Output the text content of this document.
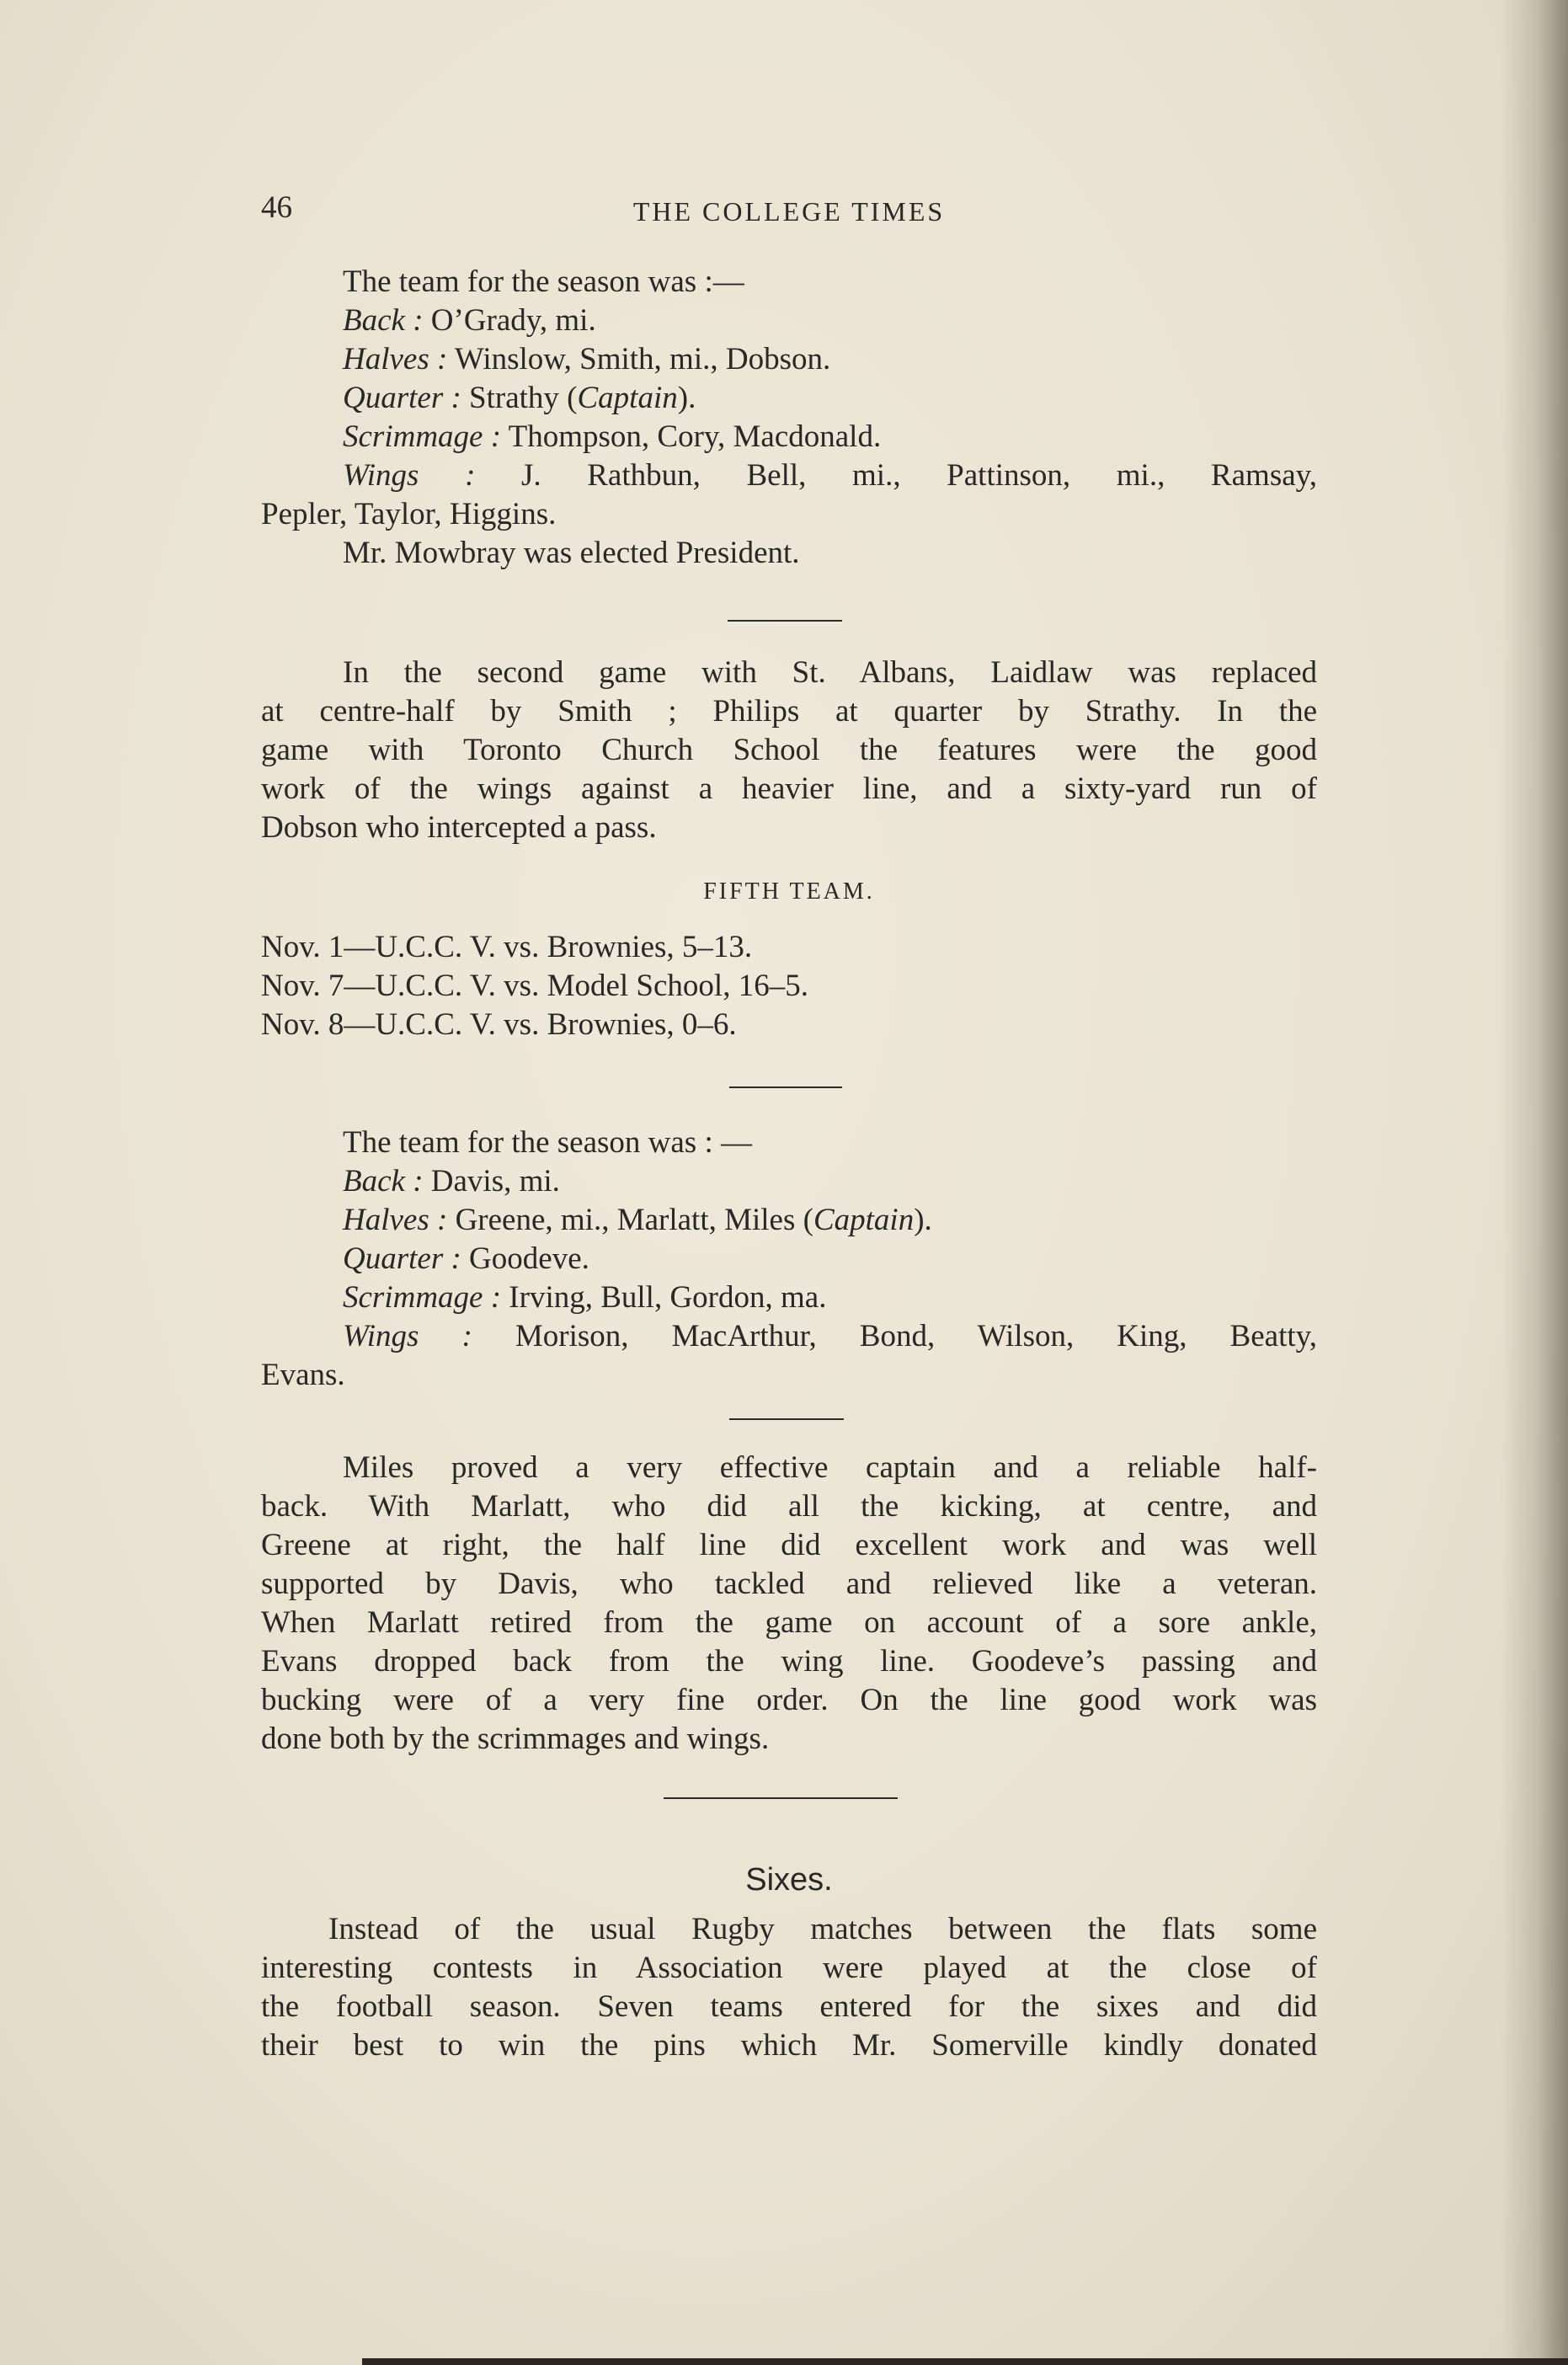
46	THE COLLEGE TIMES
The team for the season was :—
Back : O’Grady, mi.
Halves : Winslow, Smith, mi., Dobson.
Quarter : Strathy (Captain).
Scrimmage : Thompson, Cory, Macdonald.
Wings : J. Rathbun, Bell, mi., Pattinson, mi., Ramsay,
Pepler, Taylor, Higgins.
Mr. Mowbray was elected President.
In the second game with St. Albans, Laidlaw was replaced
at centre-half by Smith ; Philips at quarter by Strathy. In the
game with Toronto Church School the features were the good
work of the wings against a heavier line, and a sixty-yard run of
Dobson who intercepted a pass.
FIFTH TEAM.
Nov. 1—U.C.C. V. vs. Brownies, 5–13.
Nov. 7—U.C.C. V. vs. Model School, 16–5.
Nov. 8—U.C.C. V. vs. Brownies, 0–6.
The team for the season was : —
Back : Davis, mi.
Halves : Greene, mi., Marlatt, Miles (Captain).
Quarter : Goodeve.
Scrimmage : Irving, Bull, Gordon, ma.
Wings : Morison, MacArthur, Bond, Wilson, King, Beatty,
Evans.
Miles proved a very effective captain and a reliable half-
back. With Marlatt, who did all the kicking, at centre, and
Greene at right, the half line did excellent work and was well
supported by Davis, who tackled and relieved like a veteran.
When Marlatt retired from the game on account of a sore ankle,
Evans dropped back from the wing line. Goodeve’s passing and
bucking were of a very fine order. On the line good work was
done both by the scrimmages and wings.
Sixes.
Instead of the usual Rugby matches between the flats some
interesting contests in Association were played at the close of
the football season. Seven teams entered for the sixes and did
their best to win the pins which Mr. Somerville kindly donated
